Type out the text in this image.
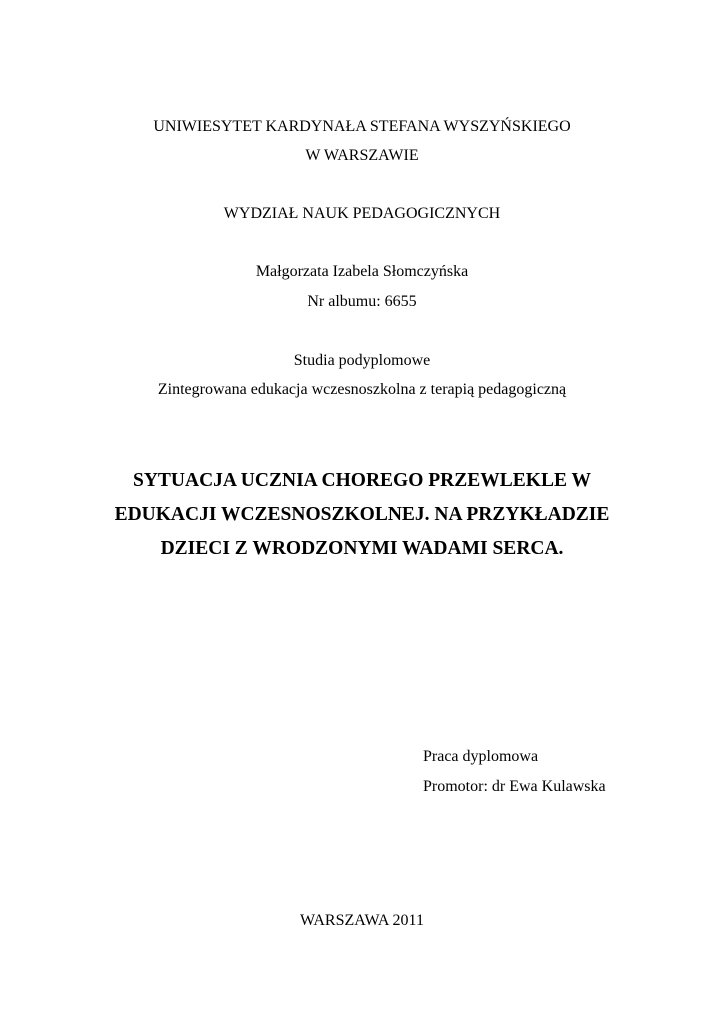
UNIWIESYTET KARDYNAŁA STEFANA WYSZYŃSKIEGO
W WARSZAWIE
WYDZIAŁ NAUK PEDAGOGICZNYCH
Małgorzata Izabela Słomczyńska
Nr albumu: 6655
Studia podyplomowe
Zintegrowana edukacja wczesnoszkolna z terapią pedagogiczną
SYTUACJA UCZNIA CHOREGO PRZEWLEKLE W
EDUKACJI WCZESNOSZKOLNEJ. NA PRZYKŁADZIE
DZIECI Z WRODZONYMI WADAMI SERCA.
Praca dyplomowa
Promotor: dr Ewa Kulawska
WARSZAWA 2011
